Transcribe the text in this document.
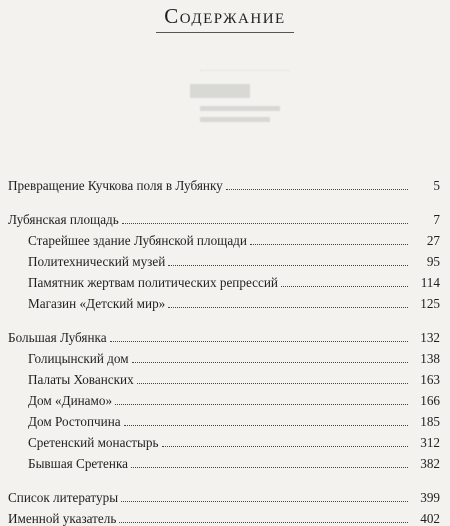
Содержание
Превращение Кучкова поля в Лубянку	5
Лубянская площадь	7
Старейшее здание Лубянской площади	27
Политехнический музей	95
Памятник жертвам политических репрессий	114
Магазин «Детский мир»	125
Большая Лубянка	132
Голицынский дом	138
Палаты Хованских	163
Дом «Динамо»	166
Дом Ростопчина	185
Сретенский монастырь	312
Бывшая Сретенка	382
Список литературы	399
Именной указатель	402
